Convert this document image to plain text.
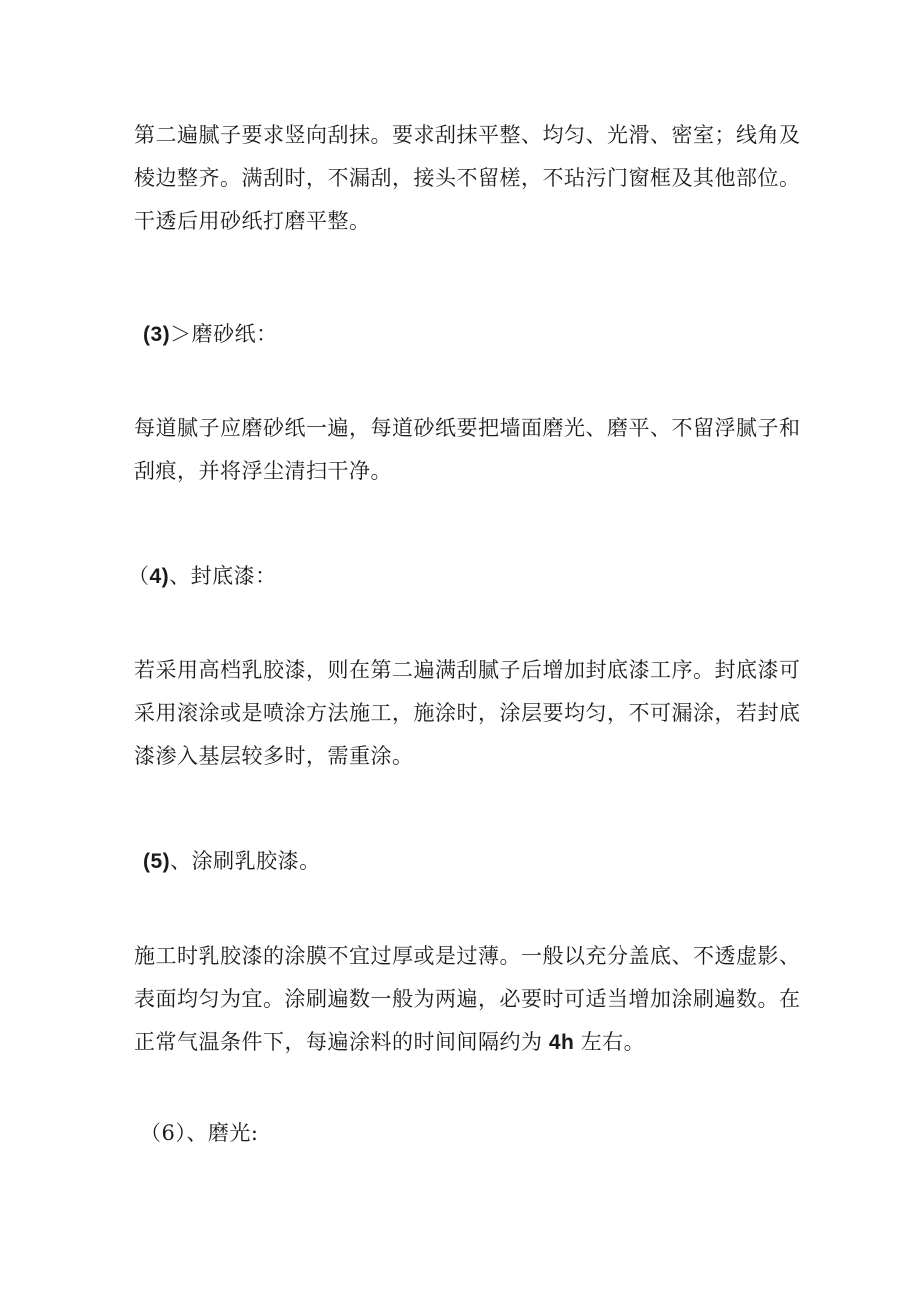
第二遍腻子要求竖向刮抹。要求刮抹平整、均匀、光滑、密室；线角及棱边整齐。满刮时，不漏刮，接头不留槎，不玷污门窗框及其他部位。干透后用砂纸打磨平整。

(3)＞磨砂纸：

每道腻子应磨砂纸一遍，每道砂纸要把墙面磨光、磨平、不留浮腻子和刮痕，并将浮尘清扫干净。

（4)、封底漆：

若采用高档乳胶漆，则在第二遍满刮腻子后增加封底漆工序。封底漆可采用滚涂或是喷涂方法施工，施涂时，涂层要均匀，不可漏涂，若封底漆渗入基层较多时，需重涂。

(5)、涂刷乳胶漆。

施工时乳胶漆的涂膜不宜过厚或是过薄。一般以充分盖底、不透虚影、表面均匀为宜。涂刷遍数一般为两遍，必要时可适当增加涂刷遍数。在正常气温条件下，每遍涂料的时间间隔约为 4h 左右。

（6）、磨光:
